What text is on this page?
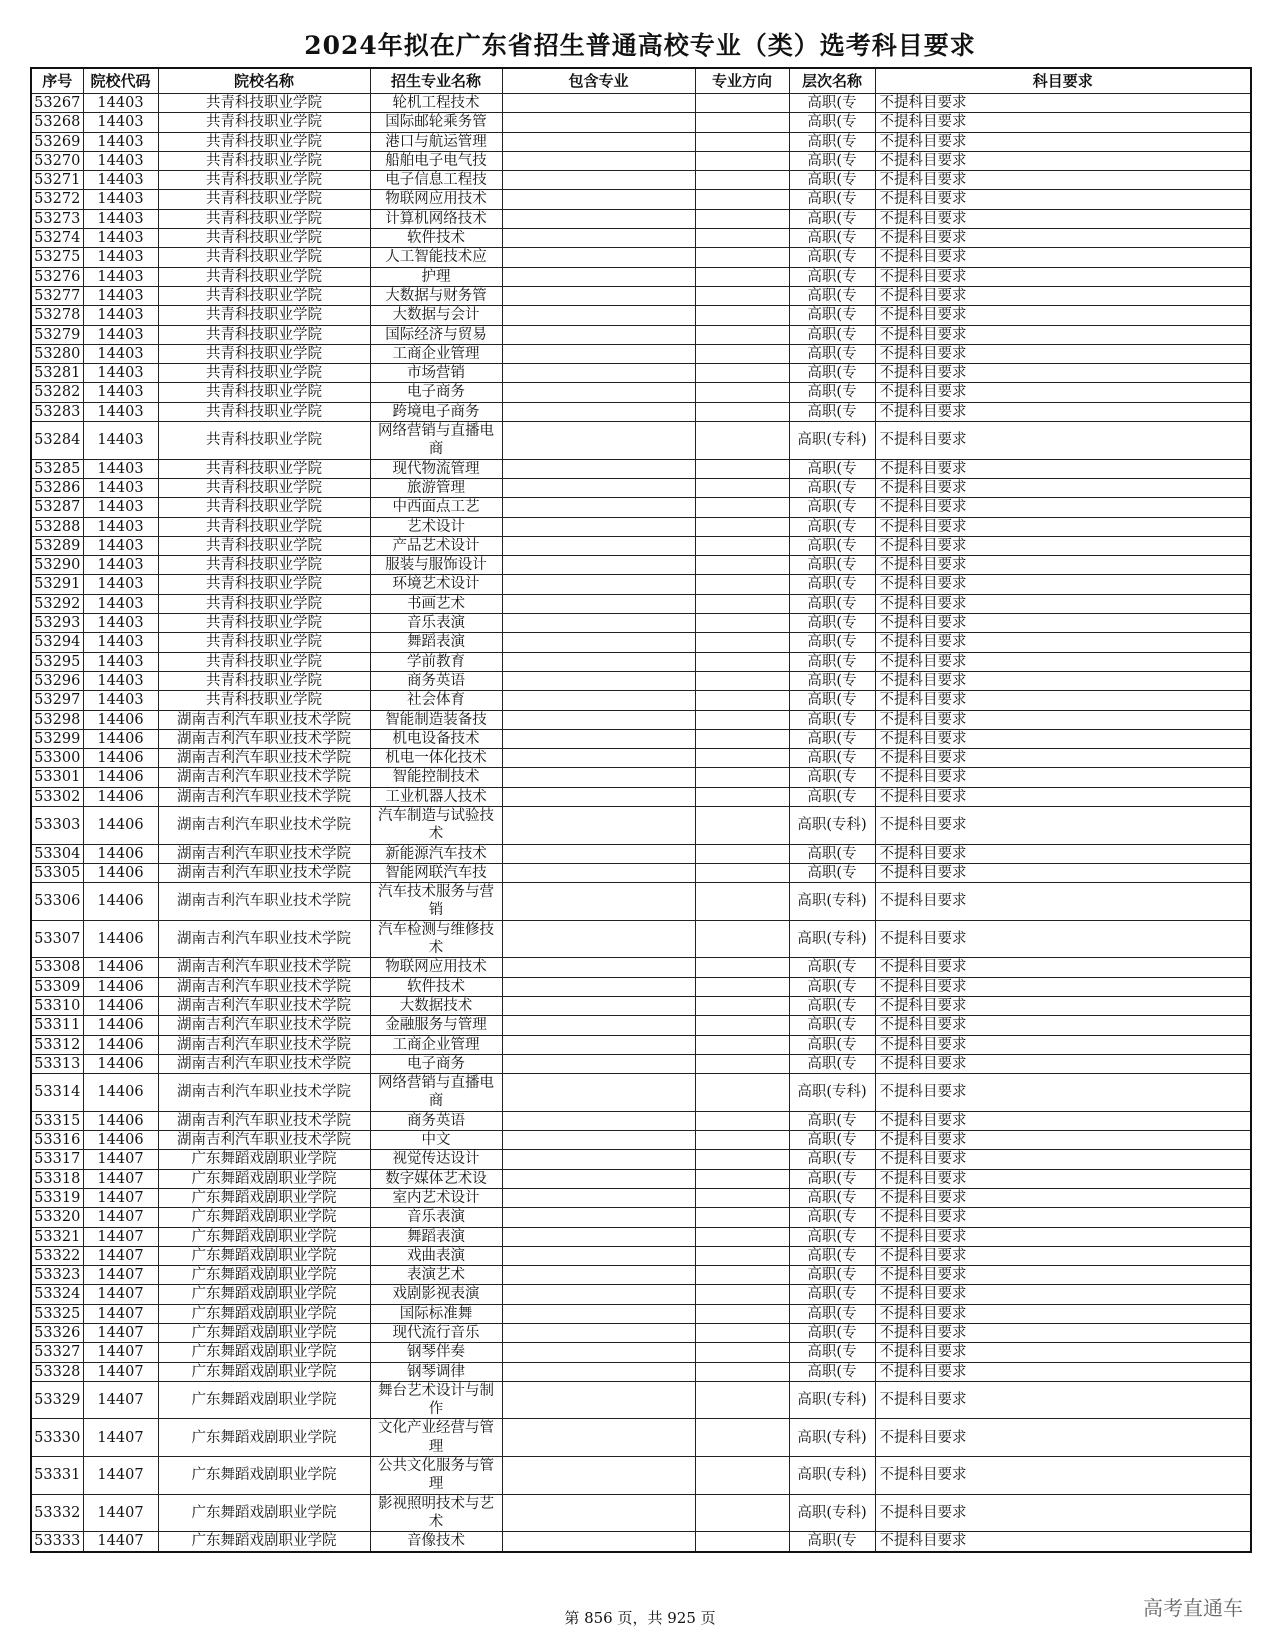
2024年拟在广东省招生普通高校专业（类）选考科目要求
序号	院校代码	院校名称	招生专业名称	包含专业	专业方向	层次名称	科目要求
53267	14403	共青科技职业学院	轮机工程技术			高职(专	不提科目要求
53268	14403	共青科技职业学院	国际邮轮乘务管			高职(专	不提科目要求
53269	14403	共青科技职业学院	港口与航运管理			高职(专	不提科目要求
53270	14403	共青科技职业学院	船舶电子电气技			高职(专	不提科目要求
53271	14403	共青科技职业学院	电子信息工程技			高职(专	不提科目要求
53272	14403	共青科技职业学院	物联网应用技术			高职(专	不提科目要求
53273	14403	共青科技职业学院	计算机网络技术			高职(专	不提科目要求
53274	14403	共青科技职业学院	软件技术			高职(专	不提科目要求
53275	14403	共青科技职业学院	人工智能技术应			高职(专	不提科目要求
53276	14403	共青科技职业学院	护理			高职(专	不提科目要求
53277	14403	共青科技职业学院	大数据与财务管			高职(专	不提科目要求
53278	14403	共青科技职业学院	大数据与会计			高职(专	不提科目要求
53279	14403	共青科技职业学院	国际经济与贸易			高职(专	不提科目要求
53280	14403	共青科技职业学院	工商企业管理			高职(专	不提科目要求
53281	14403	共青科技职业学院	市场营销			高职(专	不提科目要求
53282	14403	共青科技职业学院	电子商务			高职(专	不提科目要求
53283	14403	共青科技职业学院	跨境电子商务			高职(专	不提科目要求
53284	14403	共青科技职业学院	网络营销与直播电商			高职(专科)	不提科目要求
53285	14403	共青科技职业学院	现代物流管理			高职(专	不提科目要求
53286	14403	共青科技职业学院	旅游管理			高职(专	不提科目要求
53287	14403	共青科技职业学院	中西面点工艺			高职(专	不提科目要求
53288	14403	共青科技职业学院	艺术设计			高职(专	不提科目要求
53289	14403	共青科技职业学院	产品艺术设计			高职(专	不提科目要求
53290	14403	共青科技职业学院	服装与服饰设计			高职(专	不提科目要求
53291	14403	共青科技职业学院	环境艺术设计			高职(专	不提科目要求
53292	14403	共青科技职业学院	书画艺术			高职(专	不提科目要求
53293	14403	共青科技职业学院	音乐表演			高职(专	不提科目要求
53294	14403	共青科技职业学院	舞蹈表演			高职(专	不提科目要求
53295	14403	共青科技职业学院	学前教育			高职(专	不提科目要求
53296	14403	共青科技职业学院	商务英语			高职(专	不提科目要求
53297	14403	共青科技职业学院	社会体育			高职(专	不提科目要求
53298	14406	湖南吉利汽车职业技术学院	智能制造装备技			高职(专	不提科目要求
53299	14406	湖南吉利汽车职业技术学院	机电设备技术			高职(专	不提科目要求
53300	14406	湖南吉利汽车职业技术学院	机电一体化技术			高职(专	不提科目要求
53301	14406	湖南吉利汽车职业技术学院	智能控制技术			高职(专	不提科目要求
53302	14406	湖南吉利汽车职业技术学院	工业机器人技术			高职(专	不提科目要求
53303	14406	湖南吉利汽车职业技术学院	汽车制造与试验技术			高职(专科)	不提科目要求
53304	14406	湖南吉利汽车职业技术学院	新能源汽车技术			高职(专	不提科目要求
53305	14406	湖南吉利汽车职业技术学院	智能网联汽车技			高职(专	不提科目要求
53306	14406	湖南吉利汽车职业技术学院	汽车技术服务与营销			高职(专科)	不提科目要求
53307	14406	湖南吉利汽车职业技术学院	汽车检测与维修技术			高职(专科)	不提科目要求
53308	14406	湖南吉利汽车职业技术学院	物联网应用技术			高职(专	不提科目要求
53309	14406	湖南吉利汽车职业技术学院	软件技术			高职(专	不提科目要求
53310	14406	湖南吉利汽车职业技术学院	大数据技术			高职(专	不提科目要求
53311	14406	湖南吉利汽车职业技术学院	金融服务与管理			高职(专	不提科目要求
53312	14406	湖南吉利汽车职业技术学院	工商企业管理			高职(专	不提科目要求
53313	14406	湖南吉利汽车职业技术学院	电子商务			高职(专	不提科目要求
53314	14406	湖南吉利汽车职业技术学院	网络营销与直播电商			高职(专科)	不提科目要求
53315	14406	湖南吉利汽车职业技术学院	商务英语			高职(专	不提科目要求
53316	14406	湖南吉利汽车职业技术学院	中文			高职(专	不提科目要求
53317	14407	广东舞蹈戏剧职业学院	视觉传达设计			高职(专	不提科目要求
53318	14407	广东舞蹈戏剧职业学院	数字媒体艺术设			高职(专	不提科目要求
53319	14407	广东舞蹈戏剧职业学院	室内艺术设计			高职(专	不提科目要求
53320	14407	广东舞蹈戏剧职业学院	音乐表演			高职(专	不提科目要求
53321	14407	广东舞蹈戏剧职业学院	舞蹈表演			高职(专	不提科目要求
53322	14407	广东舞蹈戏剧职业学院	戏曲表演			高职(专	不提科目要求
53323	14407	广东舞蹈戏剧职业学院	表演艺术			高职(专	不提科目要求
53324	14407	广东舞蹈戏剧职业学院	戏剧影视表演			高职(专	不提科目要求
53325	14407	广东舞蹈戏剧职业学院	国际标准舞			高职(专	不提科目要求
53326	14407	广东舞蹈戏剧职业学院	现代流行音乐			高职(专	不提科目要求
53327	14407	广东舞蹈戏剧职业学院	钢琴伴奏			高职(专	不提科目要求
53328	14407	广东舞蹈戏剧职业学院	钢琴调律			高职(专	不提科目要求
53329	14407	广东舞蹈戏剧职业学院	舞台艺术设计与制作			高职(专科)	不提科目要求
53330	14407	广东舞蹈戏剧职业学院	文化产业经营与管理			高职(专科)	不提科目要求
53331	14407	广东舞蹈戏剧职业学院	公共文化服务与管理			高职(专科)	不提科目要求
53332	14407	广东舞蹈戏剧职业学院	影视照明技术与艺术			高职(专科)	不提科目要求
53333	14407	广东舞蹈戏剧职业学院	音像技术			高职(专	不提科目要求
第 856 页，共 925 页	高考直通车
